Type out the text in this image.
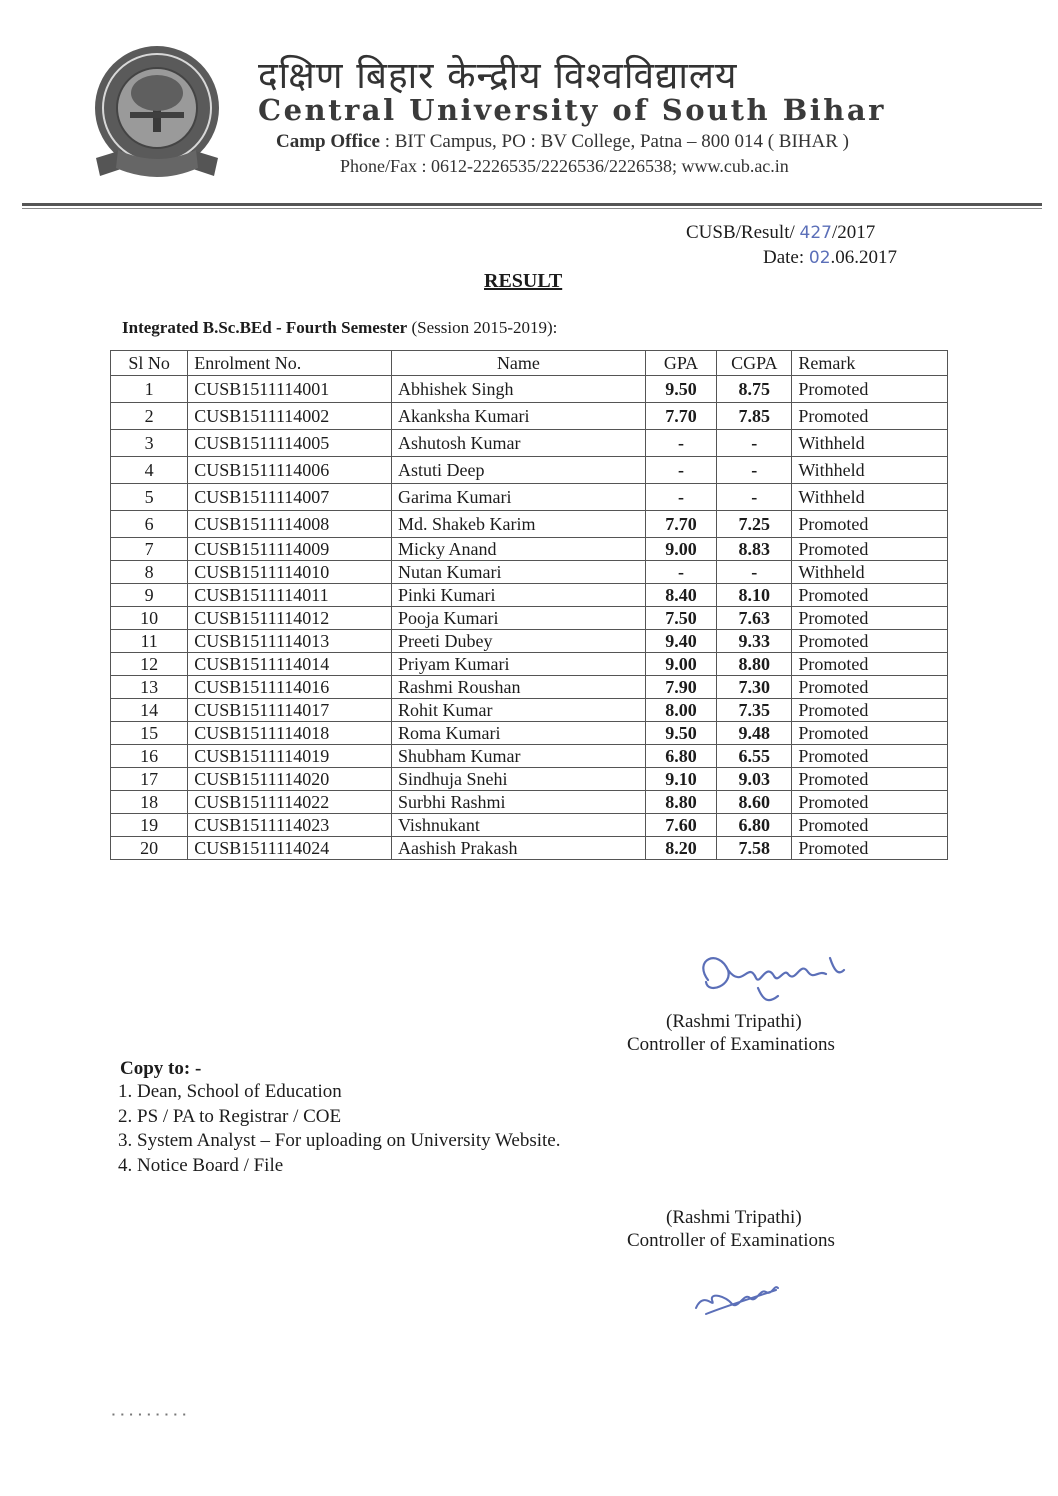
दक्षिण बिहार केन्द्रीय विश्वविद्यालय
Central University of South Bihar
Camp Office : BIT Campus, PO : BV College, Patna – 800 014 ( BIHAR )
Phone/Fax : 0612-2226535/2226536/2226538; www.cub.ac.in
CUSB/Result/ 427/2017
Date: 02.06.2017
RESULT
Integrated B.Sc.BEd - Fourth Semester (Session 2015-2019):
Sl No	Enrolment No.	Name	GPA	CGPA	Remark
1	CUSB1511114001	Abhishek Singh	9.50	8.75	Promoted
2	CUSB1511114002	Akanksha Kumari	7.70	7.85	Promoted
3	CUSB1511114005	Ashutosh Kumar	-	-	Withheld
4	CUSB1511114006	Astuti Deep	-	-	Withheld
5	CUSB1511114007	Garima Kumari	-	-	Withheld
6	CUSB1511114008	Md. Shakeb Karim	7.70	7.25	Promoted
7	CUSB1511114009	Micky Anand	9.00	8.83	Promoted
8	CUSB1511114010	Nutan Kumari	-	-	Withheld
9	CUSB1511114011	Pinki Kumari	8.40	8.10	Promoted
10	CUSB1511114012	Pooja Kumari	7.50	7.63	Promoted
11	CUSB1511114013	Preeti Dubey	9.40	9.33	Promoted
12	CUSB1511114014	Priyam Kumari	9.00	8.80	Promoted
13	CUSB1511114016	Rashmi Roushan	7.90	7.30	Promoted
14	CUSB1511114017	Rohit Kumar	8.00	7.35	Promoted
15	CUSB1511114018	Roma Kumari	9.50	9.48	Promoted
16	CUSB1511114019	Shubham Kumar	6.80	6.55	Promoted
17	CUSB1511114020	Sindhuja Snehi	9.10	9.03	Promoted
18	CUSB1511114022	Surbhi Rashmi	8.80	8.60	Promoted
19	CUSB1511114023	Vishnukant	7.60	6.80	Promoted
20	CUSB1511114024	Aashish Prakash	8.20	7.58	Promoted
(Rashmi Tripathi)
Controller of Examinations
Copy to: -
1. Dean, School of Education
2. PS / PA to Registrar / COE
3. System Analyst – For uploading on University Website.
4. Notice Board / File
(Rashmi Tripathi)
Controller of Examinations
▪ ▪ ▪ ▪ ▪ ▪ ▪ ▪ ▪
